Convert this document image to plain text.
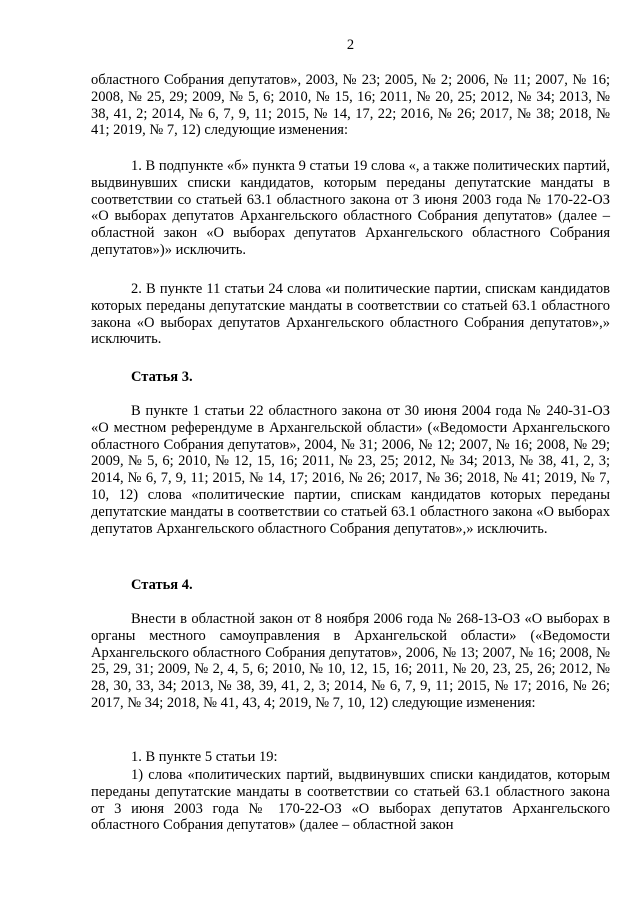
2

областного Собрания депутатов», 2003, № 23; 2005, № 2; 2006, № 11; 2007, № 16; 2008, № 25, 29; 2009, № 5, 6; 2010, № 15, 16; 2011, № 20, 25; 2012, № 34; 2013, № 38, 41, 2; 2014, № 6, 7, 9, 11; 2015, № 14, 17, 22; 2016, № 26; 2017, № 38; 2018, № 41; 2019, № 7, 12) следующие изменения:

1. В подпункте «б» пункта 9 статьи 19 слова «, а также политических партий, выдвинувших списки кандидатов, которым переданы депутатские мандаты в соответствии со статьей 63.1 областного закона от 3 июня 2003 года № 170-22-ОЗ «О выборах депутатов Архангельского областного Собрания депутатов» (далее – областной закон «О выборах депутатов Архангельского областного Собрания депутатов»)» исключить.

2. В пункте 11 статьи 24 слова «и политические партии, спискам кандидатов которых переданы депутатские мандаты в соответствии со статьей 63.1 областного закона «О выборах депутатов Архангельского областного Собрания депутатов»,» исключить.

Статья 3.

В пункте 1 статьи 22 областного закона от 30 июня 2004 года № 240-31-ОЗ «О местном референдуме в Архангельской области» («Ведомости Архангельского областного Собрания депутатов», 2004, № 31; 2006, № 12; 2007, № 16; 2008, № 29; 2009, № 5, 6; 2010, № 12, 15, 16; 2011, № 23, 25; 2012, № 34; 2013, № 38, 41, 2, 3; 2014, № 6, 7, 9, 11; 2015, № 14, 17; 2016, № 26; 2017, № 36; 2018, № 41; 2019, № 7, 10, 12) слова «политические партии, спискам кандидатов которых переданы депутатские мандаты в соответствии со статьей 63.1 областного закона «О выборах депутатов Архангельского областного Собрания депутатов»,» исключить.

Статья 4.

Внести в областной закон от 8 ноября 2006 года № 268-13-ОЗ «О выборах в органы местного самоуправления в Архангельской области» («Ведомости Архангельского областного Собрания депутатов», 2006, № 13; 2007, № 16; 2008, № 25, 29, 31; 2009, № 2, 4, 5, 6; 2010, № 10, 12, 15, 16; 2011, № 20, 23, 25, 26; 2012, № 28, 30, 33, 34; 2013, № 38, 39, 41, 2, 3; 2014, № 6, 7, 9, 11; 2015, № 17; 2016, № 26; 2017, № 34; 2018, № 41, 43, 4; 2019, № 7, 10, 12) следующие изменения:

1. В пункте 5 статьи 19:

1) слова «политических партий, выдвинувших списки кандидатов, которым переданы депутатские мандаты в соответствии со статьей 63.1 областного закона от 3 июня 2003 года № 170-22-ОЗ «О выборах депутатов Архангельского областного Собрания депутатов» (далее – областной закон
